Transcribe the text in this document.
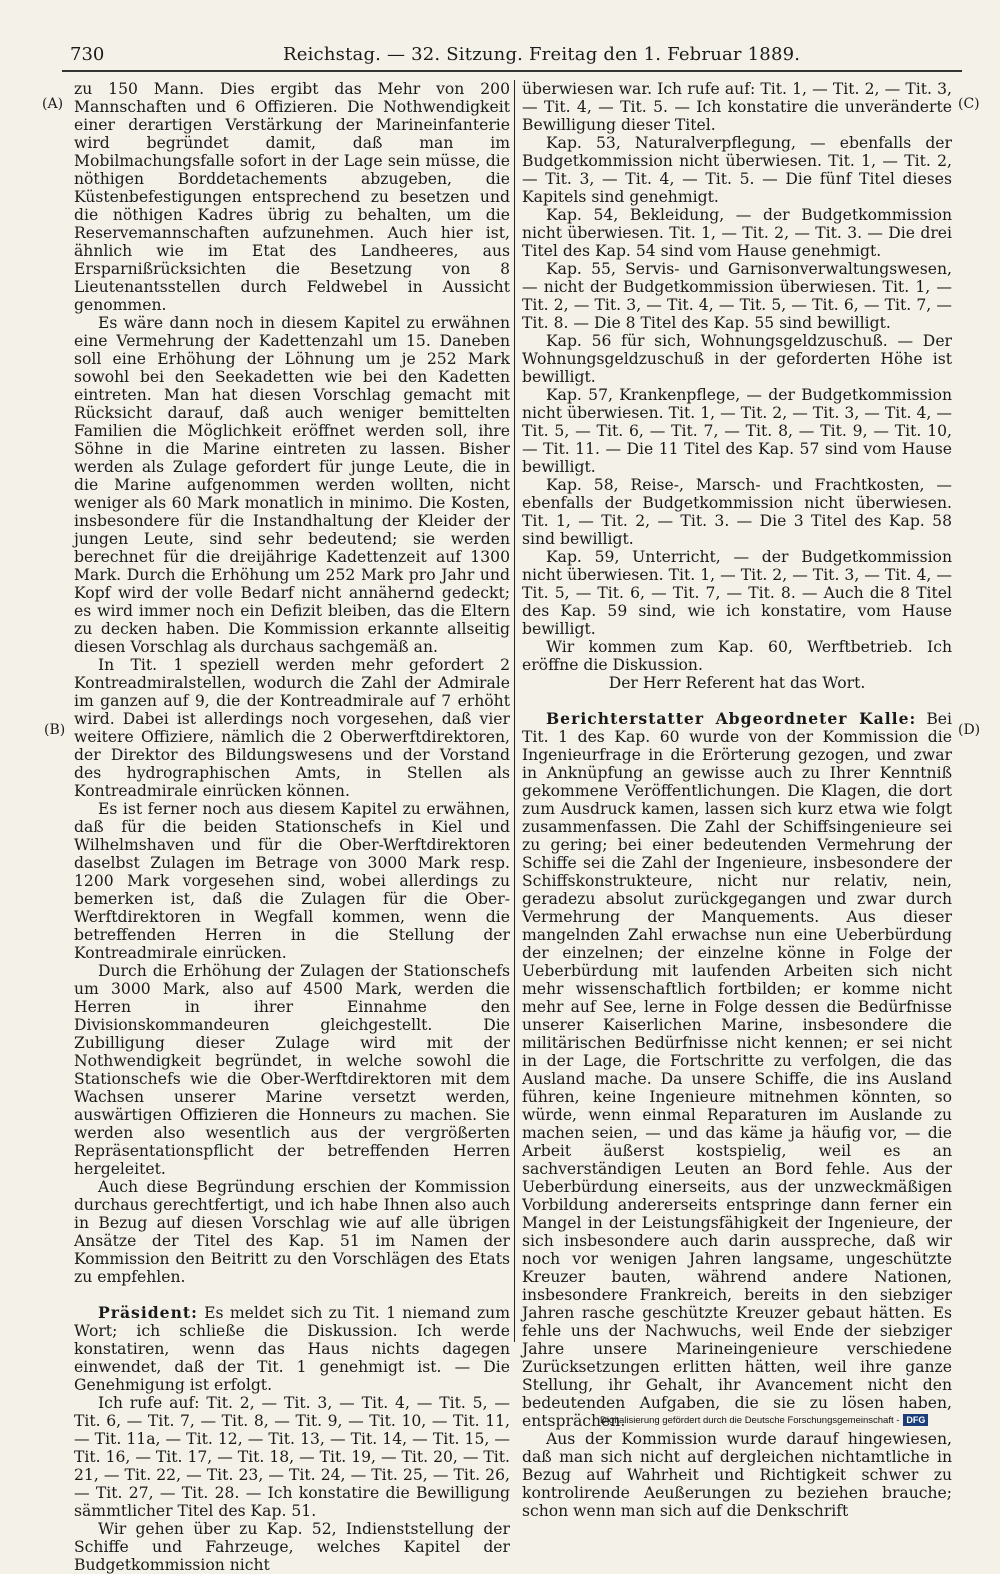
730	Reichstag. — 32. Sitzung. Freitag den 1. Februar 1889.
(A)
(B)
(C)
(D)

zu 150 Mann. Dies ergibt das Mehr von 200 Mannschaften und 6 Offizieren. Die Nothwendigkeit einer derartigen Verstärkung der Marineinfanterie wird begründet damit, daß man im Mobilmachungsfalle sofort in der Lage sein müsse, die nöthigen Borddetachements abzugeben, die Küstenbefestigungen entsprechend zu besetzen und die nöthigen Kadres übrig zu behalten, um die Reservemannschaften aufzunehmen. Auch hier ist, ähnlich wie im Etat des Landheeres, aus Ersparnißrücksichten die Besetzung von 8 Lieutenantsstellen durch Feldwebel in Aussicht genommen.

Es wäre dann noch in diesem Kapitel zu erwähnen eine Vermehrung der Kadettenzahl um 15. Daneben soll eine Erhöhung der Löhnung um je 252 Mark sowohl bei den Seekadetten wie bei den Kadetten eintreten. Man hat diesen Vorschlag gemacht mit Rücksicht darauf, daß auch weniger bemittelten Familien die Möglichkeit eröffnet werden soll, ihre Söhne in die Marine eintreten zu lassen. Bisher werden als Zulage gefordert für junge Leute, die in die Marine aufgenommen werden wollten, nicht weniger als 60 Mark monatlich in minimo. Die Kosten, insbesondere für die Instandhaltung der Kleider der jungen Leute, sind sehr bedeutend; sie werden berechnet für die dreijährige Kadettenzeit auf 1300 Mark. Durch die Erhöhung um 252 Mark pro Jahr und Kopf wird der volle Bedarf nicht annähernd gedeckt; es wird immer noch ein Defizit bleiben, das die Eltern zu decken haben. Die Kommission erkannte allseitig diesen Vorschlag als durchaus sachgemäß an.

In Tit. 1 speziell werden mehr gefordert 2 Kontreadmiralstellen, wodurch die Zahl der Admirale im ganzen auf 9, die der Kontreadmirale auf 7 erhöht wird. Dabei ist allerdings noch vorgesehen, daß vier weitere Offiziere, nämlich die 2 Oberwerftdirektoren, der Direktor des Bildungswesens und der Vorstand des hydrographischen Amts, in Stellen als Kontreadmirale einrücken können.

Es ist ferner noch aus diesem Kapitel zu erwähnen, daß für die beiden Stationschefs in Kiel und Wilhelmshaven und für die Ober-Werftdirektoren daselbst Zulagen im Betrage von 3000 Mark resp. 1200 Mark vorgesehen sind, wobei allerdings zu bemerken ist, daß die Zulagen für die Ober-Werftdirektoren in Wegfall kommen, wenn die betreffenden Herren in die Stellung der Kontreadmirale einrücken.

Durch die Erhöhung der Zulagen der Stationschefs um 3000 Mark, also auf 4500 Mark, werden die Herren in ihrer Einnahme den Divisionskommandeuren gleichgestellt. Die Zubilligung dieser Zulage wird mit der Nothwendigkeit begründet, in welche sowohl die Stationschefs wie die Ober-Werftdirektoren mit dem Wachsen unserer Marine versetzt werden, auswärtigen Offizieren die Honneurs zu machen. Sie werden also wesentlich aus der vergrößerten Repräsentationspflicht der betreffenden Herren hergeleitet.

Auch diese Begründung erschien der Kommission durchaus gerechtfertigt, und ich habe Ihnen also auch in Bezug auf diesen Vorschlag wie auf alle übrigen Ansätze der Titel des Kap. 51 im Namen der Kommission den Beitritt zu den Vorschlägen des Etats zu empfehlen.

Präsident: Es meldet sich zu Tit. 1 niemand zum Wort; ich schließe die Diskussion. Ich werde konstatiren, wenn das Haus nichts dagegen einwendet, daß der Tit. 1 genehmigt ist. — Die Genehmigung ist erfolgt.

Ich rufe auf: Tit. 2, — Tit. 3, — Tit. 4, — Tit. 5, — Tit. 6, — Tit. 7, — Tit. 8, — Tit. 9, — Tit. 10, — Tit. 11, — Tit. 11a, — Tit. 12, — Tit. 13, — Tit. 14, — Tit. 15, — Tit. 16, — Tit. 17, — Tit. 18, — Tit. 19, — Tit. 20, — Tit. 21, — Tit. 22, — Tit. 23, — Tit. 24, — Tit. 25, — Tit. 26, — Tit. 27, — Tit. 28. — Ich konstatire die Bewilligung sämmtlicher Titel des Kap. 51.

Wir gehen über zu Kap. 52, Indienststellung der Schiffe und Fahrzeuge, welches Kapitel der Budgetkommission nicht

überwiesen war. Ich rufe auf: Tit. 1, — Tit. 2, — Tit. 3, — Tit. 4, — Tit. 5. — Ich konstatire die unveränderte Bewilligung dieser Titel.

Kap. 53, Naturalverpflegung, — ebenfalls der Budgetkommission nicht überwiesen. Tit. 1, — Tit. 2, — Tit. 3, — Tit. 4, — Tit. 5. — Die fünf Titel dieses Kapitels sind genehmigt.

Kap. 54, Bekleidung, — der Budgetkommission nicht überwiesen. Tit. 1, — Tit. 2, — Tit. 3. — Die drei Titel des Kap. 54 sind vom Hause genehmigt.

Kap. 55, Servis- und Garnisonverwaltungswesen, — nicht der Budgetkommission überwiesen. Tit. 1, — Tit. 2, — Tit. 3, — Tit. 4, — Tit. 5, — Tit. 6, — Tit. 7, — Tit. 8. — Die 8 Titel des Kap. 55 sind bewilligt.

Kap. 56 für sich, Wohnungsgeldzuschuß. — Der Wohnungsgeldzuschuß in der geforderten Höhe ist bewilligt.

Kap. 57, Krankenpflege, — der Budgetkommission nicht überwiesen. Tit. 1, — Tit. 2, — Tit. 3, — Tit. 4, — Tit. 5, — Tit. 6, — Tit. 7, — Tit. 8, — Tit. 9, — Tit. 10, — Tit. 11. — Die 11 Titel des Kap. 57 sind vom Hause bewilligt.

Kap. 58, Reise-, Marsch- und Frachtkosten, — ebenfalls der Budgetkommission nicht überwiesen. Tit. 1, — Tit. 2, — Tit. 3. — Die 3 Titel des Kap. 58 sind bewilligt.

Kap. 59, Unterricht, — der Budgetkommission nicht überwiesen. Tit. 1, — Tit. 2, — Tit. 3, — Tit. 4, — Tit. 5, — Tit. 6, — Tit. 7, — Tit. 8. — Auch die 8 Titel des Kap. 59 sind, wie ich konstatire, vom Hause bewilligt.

Wir kommen zum Kap. 60, Werftbetrieb. Ich eröffne die Diskussion.

Der Herr Referent hat das Wort.

Berichterstatter Abgeordneter Kalle: Bei Tit. 1 des Kap. 60 wurde von der Kommission die Ingenieurfrage in die Erörterung gezogen, und zwar in Anknüpfung an gewisse auch zu Ihrer Kenntniß gekommene Veröffentlichungen. Die Klagen, die dort zum Ausdruck kamen, lassen sich kurz etwa wie folgt zusammenfassen. Die Zahl der Schiffsingenieure sei zu gering; bei einer bedeutenden Vermehrung der Schiffe sei die Zahl der Ingenieure, insbesondere der Schiffskonstrukteure, nicht nur relativ, nein, geradezu absolut zurückgegangen und zwar durch Vermehrung der Manquements. Aus dieser mangelnden Zahl erwachse nun eine Ueberbürdung der einzelnen; der einzelne könne in Folge der Ueberbürdung mit laufenden Arbeiten sich nicht mehr wissenschaftlich fortbilden; er komme nicht mehr auf See, lerne in Folge dessen die Bedürfnisse unserer Kaiserlichen Marine, insbesondere die militärischen Bedürfnisse nicht kennen; er sei nicht in der Lage, die Fortschritte zu verfolgen, die das Ausland mache. Da unsere Schiffe, die ins Ausland führen, keine Ingenieure mitnehmen könnten, so würde, wenn einmal Reparaturen im Auslande zu machen seien, — und das käme ja häufig vor, — die Arbeit äußerst kostspielig, weil es an sachverständigen Leuten an Bord fehle. Aus der Ueberbürdung einerseits, aus der unzweckmäßigen Vorbildung andererseits entspringe dann ferner ein Mangel in der Leistungsfähigkeit der Ingenieure, der sich insbesondere auch darin ausspreche, daß wir noch vor wenigen Jahren langsame, ungeschützte Kreuzer bauten, während andere Nationen, insbesondere Frankreich, bereits in den siebziger Jahren rasche geschützte Kreuzer gebaut hätten. Es fehle uns der Nachwuchs, weil Ende der siebziger Jahre unsere Marineingenieure verschiedene Zurücksetzungen erlitten hätten, weil ihre ganze Stellung, ihr Gehalt, ihr Avancement nicht den bedeutenden Aufgaben, die sie zu lösen haben, entsprächen.

Aus der Kommission wurde darauf hingewiesen, daß man sich nicht auf dergleichen nichtamtliche in Bezug auf Wahrheit und Richtigkeit schwer zu kontrolirende Aeußerungen zu beziehen brauche; schon wenn man sich auf die Denkschrift

Digitalisierung gefördert durch die Deutsche Forschungsgemeinschaft - DFG
